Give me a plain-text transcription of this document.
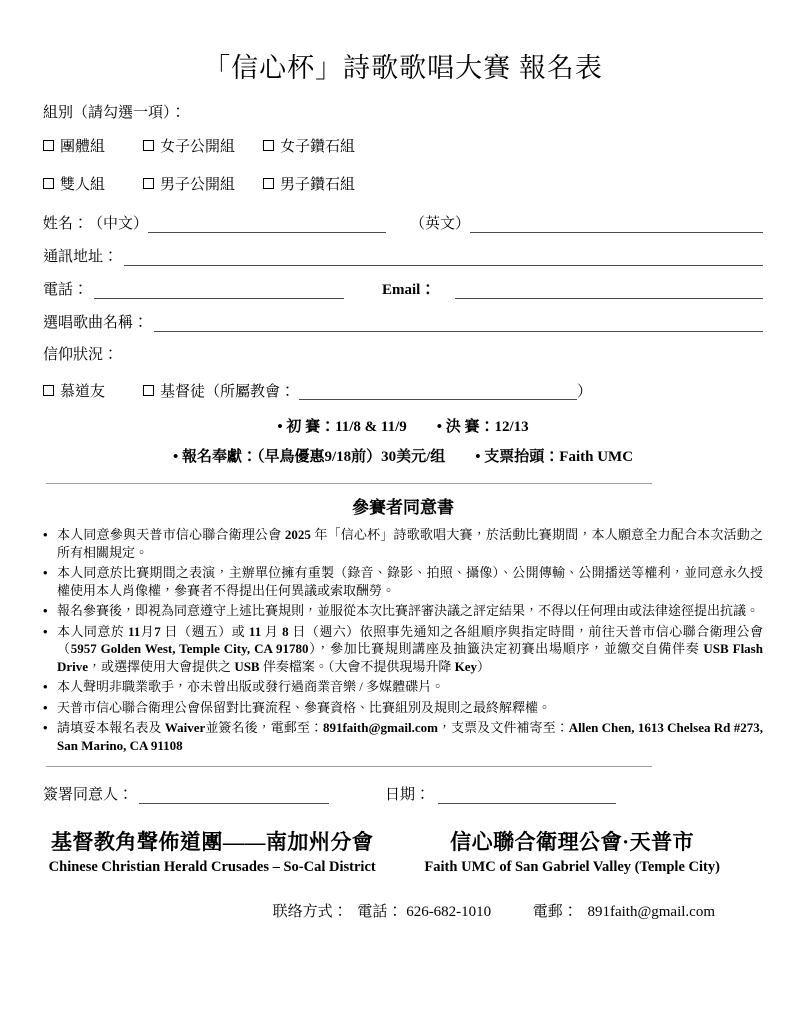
「信心杯」詩歌歌唱大賽 報名表
組別（請勾選一項）：
團體組	女子公開組	女子鑽石組
雙人組	男子公開組	男子鑽石組
姓名： （中文）	（英文）
通訊地址：
電話：	Email：
選唱歌曲名稱：
信仰狀況：
慕道友	基督徒（所屬教會：	）
• 初 賽：11/8 & 11/9　　• 決 賽：12/13
• 報名奉獻：（早鳥優惠9/18前）30美元/组　　• 支票抬頭：Faith UMC
參賽者同意書
• 本人同意參與天普市信心聯合衛理公會 2025 年「信心杯」詩歌歌唱大賽，於活動比賽期間，本人願意全力配合本次活動之所有相關規定。
• 本人同意於比賽期間之表演，主辦單位擁有重製（錄音、錄影、拍照、攝像）、公開傳輸、公開播送等權利，並同意永久授權使用本人肖像權，參賽者不得提出任何異議或索取酬勞。
• 報名參賽後，即視為同意遵守上述比賽規則，並服從本次比賽評審決議之評定結果，不得以任何理由或法律途徑提出抗議。
• 本人同意於 11月7 日（週五）或 11 月 8 日（週六）依照事先通知之各組順序與指定時間，前往天普市信心聯合衛理公會（5957 Golden West, Temple City, CA 91780），參加比賽規則講座及抽籤決定初賽出場順序，並繳交自備伴奏 USB Flash Drive，或選擇使用大會提供之 USB 伴奏檔案。（大會不提供現場升降 Key）
• 本人聲明非職業歌手，亦未曾出版或發行過商業音樂 / 多媒體碟片。
• 天普市信心聯合衛理公會保留對比賽流程、參賽資格、比賽組別及規則之最終解釋權。
• 請填妥本報名表及 Waiver並簽名後，電郵至：891faith@gmail.com，支票及文件補寄至：Allen Chen, 1613 Chelsea Rd #273, San Marino, CA 91108
簽署同意人：	日期：
基督教角聲佈道團——南加州分會
Chinese Christian Herald Crusades – So-Cal District
信心聯合衛理公會·天普市
Faith UMC of San Gabriel Valley (Temple City)
联络方式： 電話： 626-682-1010	電郵： 891faith@gmail.com
